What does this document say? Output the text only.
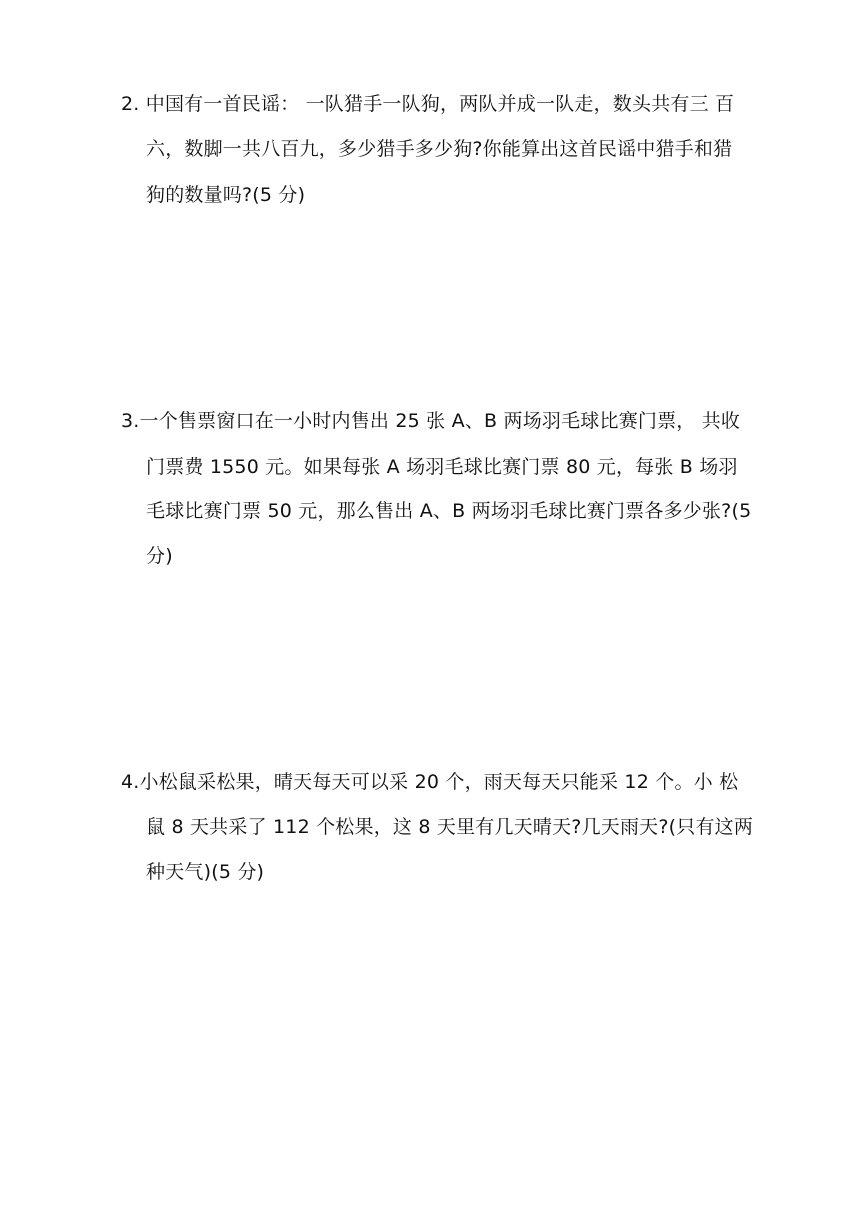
2. 中国有一首民谣： 一队猎手一队狗，两队并成一队走，数头共有三 百
六，数脚一共八百九，多少猎手多少狗?你能算出这首民谣中猎手和猎
狗的数量吗?(5 分)
3.一个售票窗口在一小时内售出 25 张 A、B 两场羽毛球比赛门票， 共收
门票费 1550 元。如果每张 A 场羽毛球比赛门票 80 元，每张 B 场羽
毛球比赛门票 50 元，那么售出 A、B 两场羽毛球比赛门票各多少张?(5
分)
4.小松鼠采松果，晴天每天可以采 20 个，雨天每天只能采 12 个。小 松
鼠 8 天共采了 112 个松果，这 8 天里有几天晴天?几天雨天?(只有这两
种天气)(5 分)
